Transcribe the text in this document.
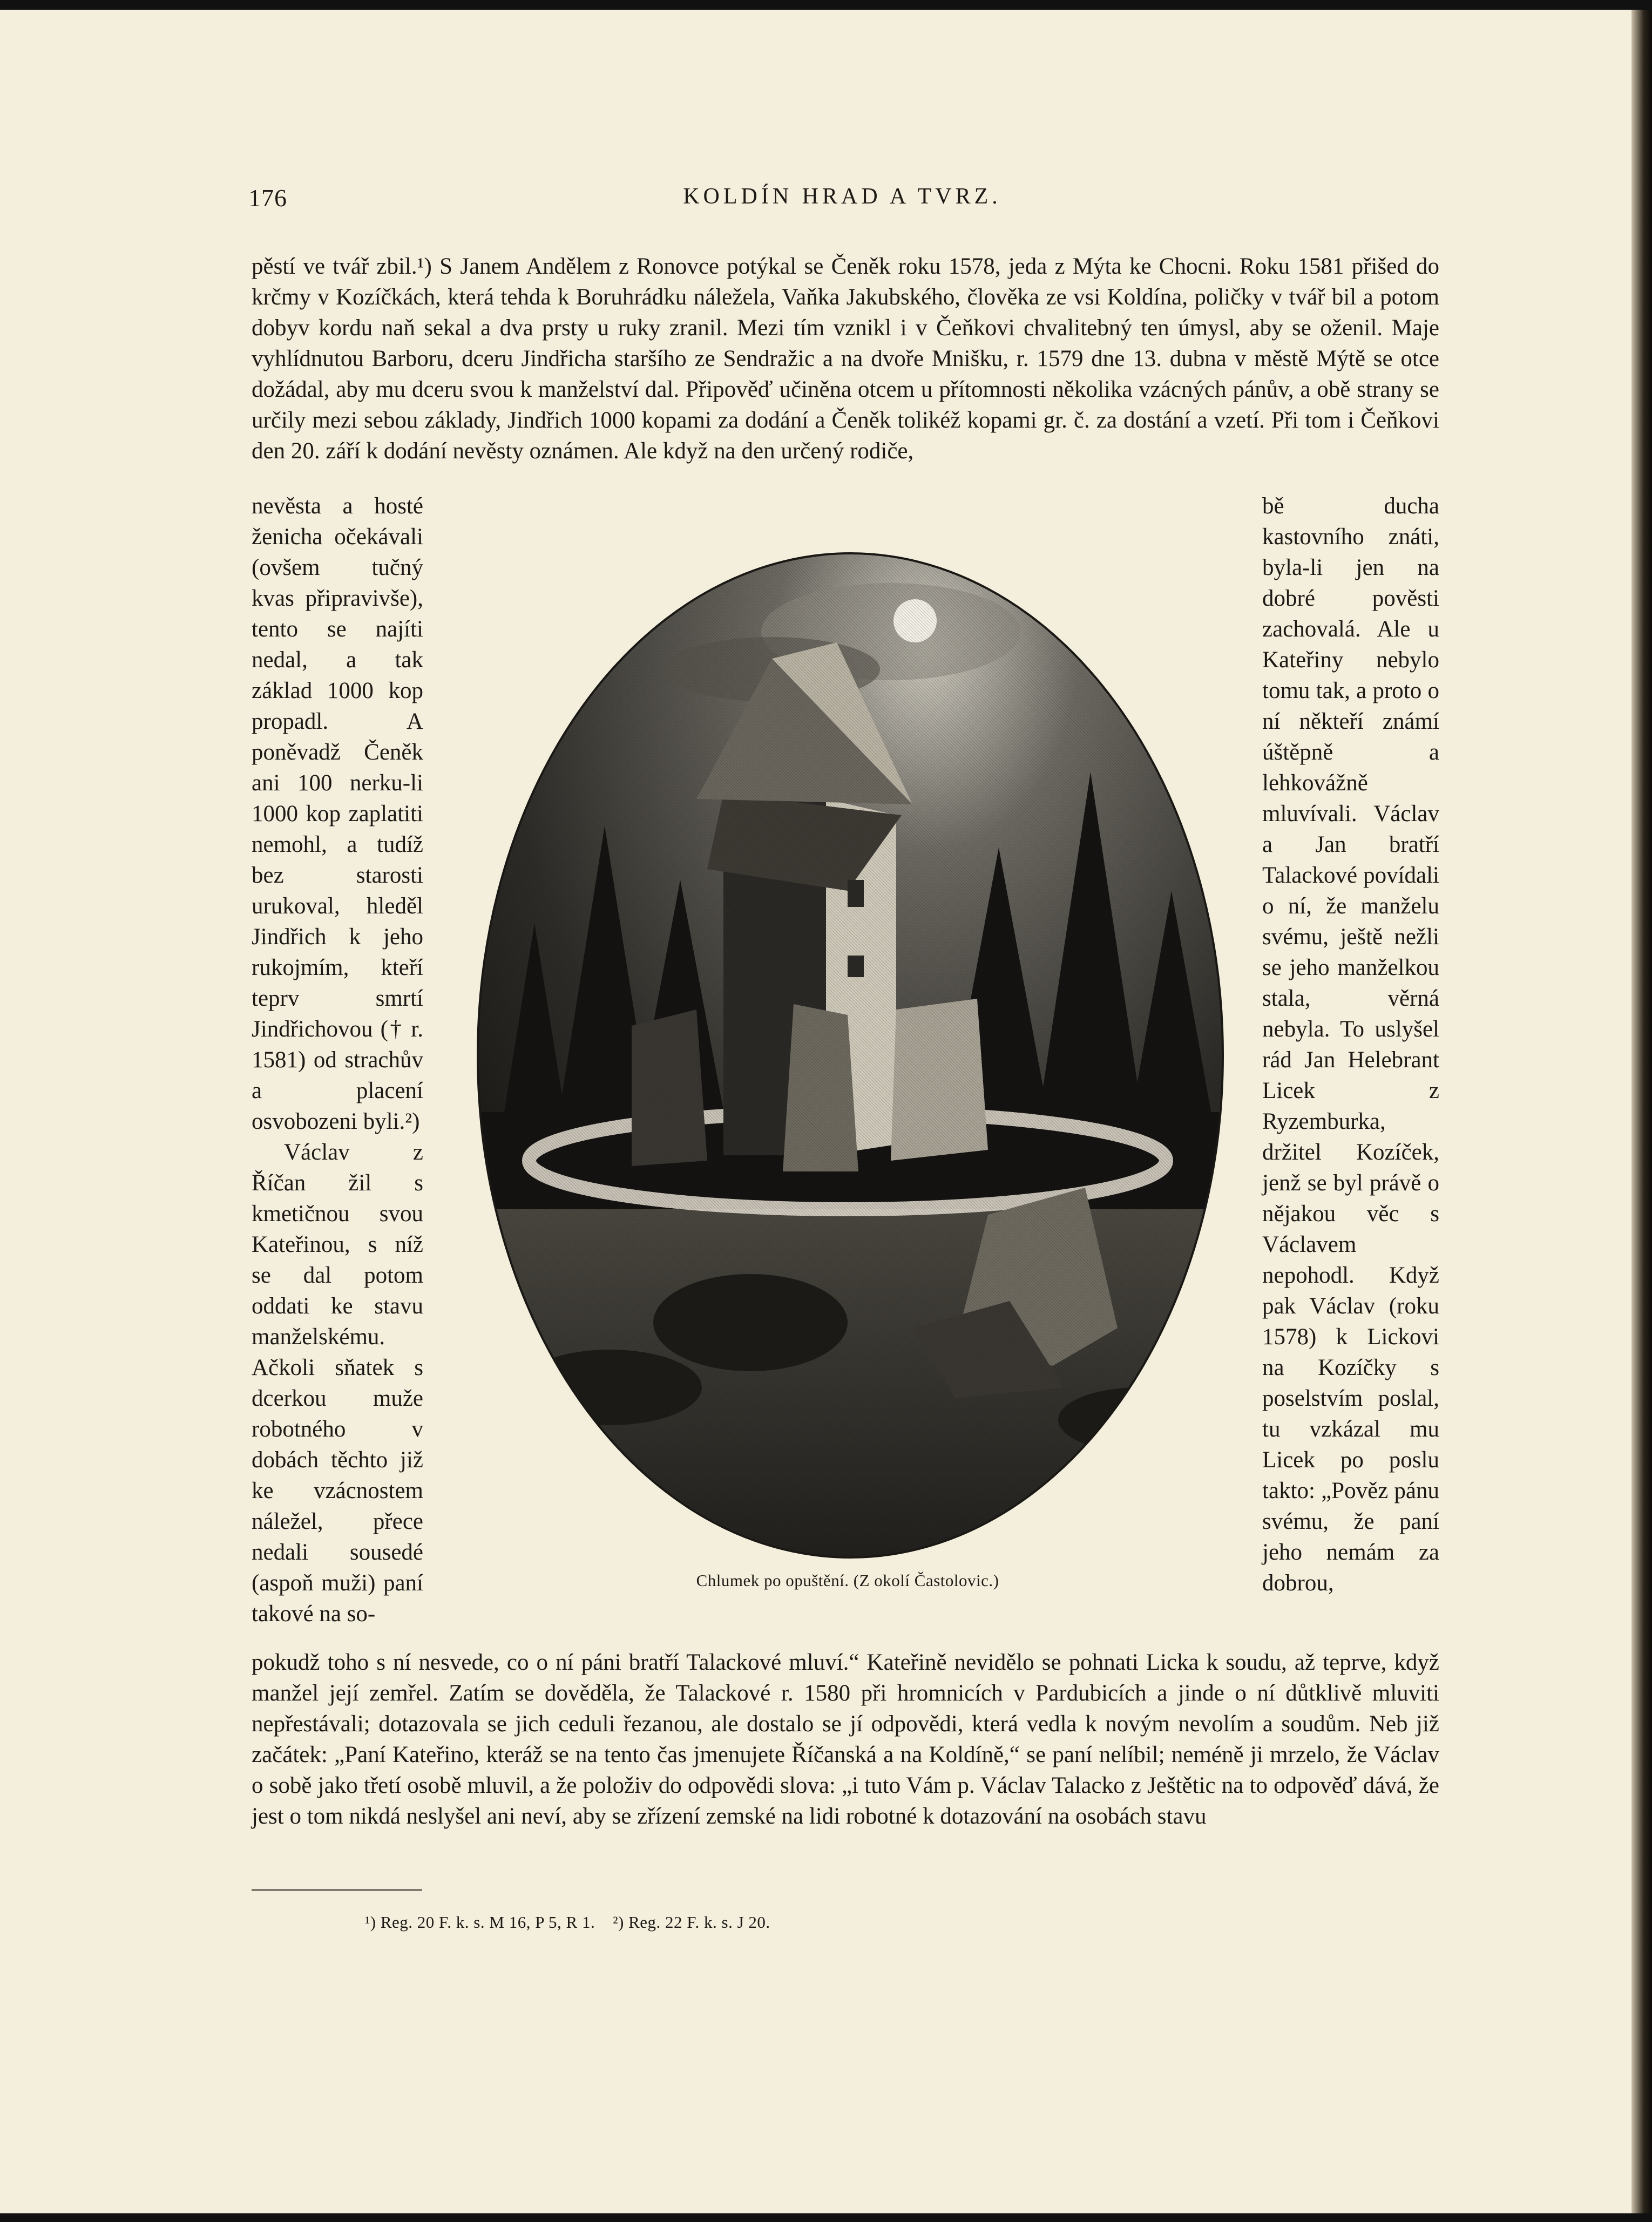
176	KOLDÍN HRAD A TVRZ.

pěstí ve tvář zbil.¹) S Janem Andělem z Ronovce potýkal se Čeněk roku 1578, jeda z Mýta ke Chocni. Roku 1581 přišed do krčmy v Kozíčkách, která tehda k Boruhrádku náležela, Vaňka Jakubského, člověka ze vsi Koldína, poličky v tvář bil a potom dobyv kordu naň sekal a dva prsty u ruky zranil. Mezi tím vznikl i v Čeňkovi chvalitebný ten úmysl, aby se oženil. Maje vyhlídnutou Barboru, dceru Jindřicha staršího ze Sendražic a na dvoře Mnišku, r. 1579 dne 13. dubna v městě Mýtě se otce dožádal, aby mu dceru svou k manželství dal. Připověď učiněna otcem u přítomnosti několika vzácných pánův, a obě strany se určily mezi sebou základy, Jindřich 1000 kopami za dodání a Čeněk tolikéž kopami gr. č. za dostání a vzetí. Při tom i Čeňkovi den 20. září k dodání nevěsty oznámen. Ale když na den určený rodiče,

nevěsta a hosté ženicha očekávali (ovšem tučný kvas připravivše), tento se najíti nedal, a tak základ 1000 kop propadl. A poněvadž Čeněk ani 100 nerku-li 1000 kop zaplatiti nemohl, a tudíž bez starosti urukoval, hleděl Jindřich k jeho rukojmím, kteří teprv smrtí Jindřichovou († r. 1581) od strachův a placení osvobozeni byli.²)

Václav z Říčan žil s kmetičnou svou Kateřinou, s níž se dal potom oddati ke stavu manželskému. Ačkoli sňatek s dcerkou muže robotného v dobách těchto již ke vzácnostem náležel, přece nedali sousedé (aspoň muži) paní takové na so-

bě ducha kastovního znáti, byla-li jen na dobré pověsti zachovalá. Ale u Kateřiny nebylo tomu tak, a proto o ní někteří známí úštěpně a lehkovážně mluvívali. Václav a Jan bratří Talackové povídali o ní, že manželu svému, ještě nežli se jeho manželkou stala, věrná nebyla. To uslyšel rád Jan Helebrant Licek z Ryzemburka, držitel Kozíček, jenž se byl právě o nějakou věc s Václavem nepohodl. Když pak Václav (roku 1578) k Lickovi na Kozíčky s poselstvím poslal, tu vzkázal mu Licek po poslu takto: „Pověz pánu svému, že paní jeho nemám za dobrou,

Chlumek po opuštění. (Z okolí Častolovic.)

pokudž toho s ní nesvede, co o ní páni bratří Talackové mluví.“ Kateřině nevidělo se pohnati Licka k soudu, až teprve, když manžel její zemřel. Zatím se dověděla, že Talackové r. 1580 při hromnicích v Pardubicích a jinde o ní důtklivě mluviti nepřestávali; dotazovala se jich ceduli řezanou, ale dostalo se jí odpovědi, která vedla k novým nevolím a soudům. Neb již začátek: „Paní Kateřino, kteráž se na tento čas jmenujete Říčanská a na Koldíně,“ se paní nelíbil; neméně ji mrzelo, že Václav o sobě jako třetí osobě mluvil, a že položiv do odpovědi slova: „i tuto Vám p. Václav Talacko z Ještětic na to odpověď dává, že jest o tom nikdá neslyšel ani neví, aby se zřízení zemské na lidi robotné k dotazování na osobách stavu

¹) Reg. 20 F. k. s. M 16, P 5, R 1.    ²) Reg. 22 F. k. s. J 20.
